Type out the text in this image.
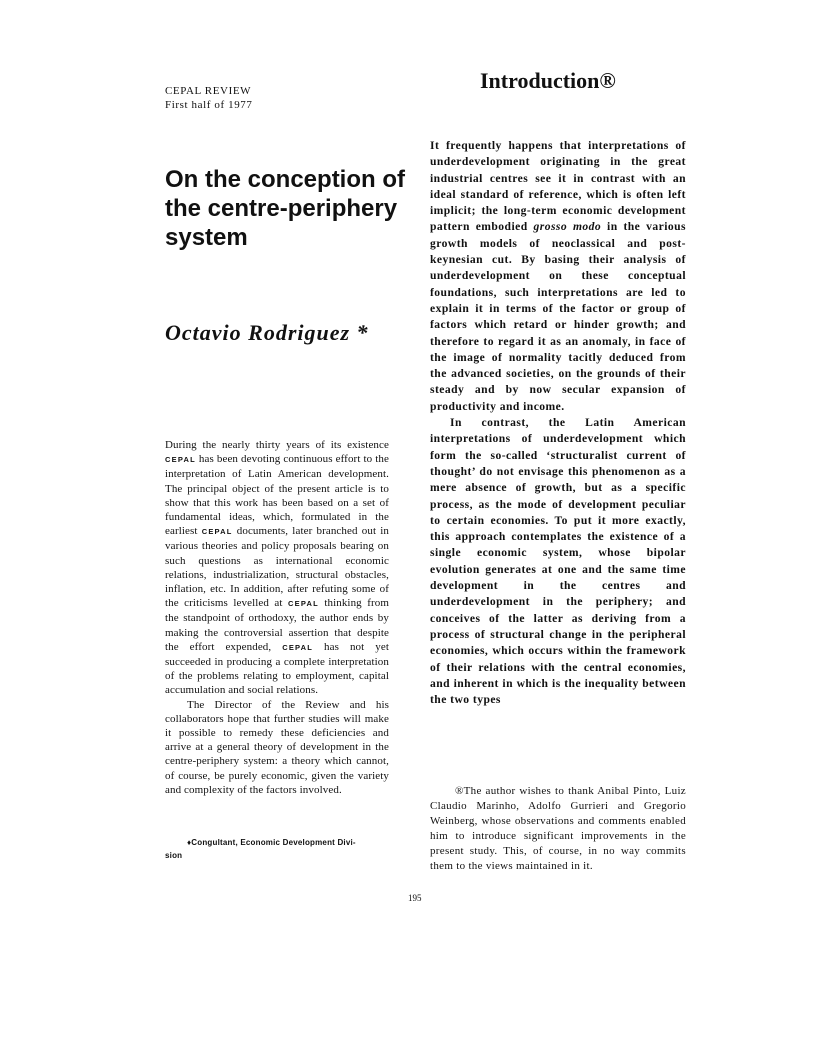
CEPAL REVIEW
First half of 1977
On the conception of the centre-periphery system
Octavio Rodriguez *

During the nearly thirty years of its existence CEPAL has been devoting continuous effort to the interpretation of Latin American development. The principal object of the present article is to show that this work has been based on a set of fundamental ideas, which, formulated in the earliest CEPAL documents, later branched out in various theories and policy proposals bearing on such questions as international economic relations, industrialization, structural obstacles, inflation, etc. In addition, after refuting some of the criticisms levelled at CEPAL thinking from the standpoint of orthodoxy, the author ends by making the controversial assertion that despite the effort expended, CEPAL has not yet succeeded in producing a complete interpretation of the problems relating to employment, capital accumulation and social relations.

The Director of the Review and his collaborators hope that further studies will make it possible to remedy these deficiencies and arrive at a general theory of development in the centre-periphery system: a theory which cannot, of course, be purely economic, given the variety and complexity of the factors involved.

♦Congultant, Economic Development Divi-
sion
Introduction®

It frequently happens that interpretations of underdevelopment originating in the great industrial centres see it in contrast with an ideal standard of reference, which is often left implicit; the long-term economic development pattern embodied grosso modo in the various growth models of neoclassical and post-keynesian cut. By basing their analysis of underdevelopment on these conceptual foundations, such interpretations are led to explain it in terms of the factor or group of factors which retard or hinder growth; and therefore to regard it as an anomaly, in face of the image of normality tacitly deduced from the advanced societies, on the grounds of their steady and by now secular expansion of productivity and income.

In contrast, the Latin American interpretations of underdevelopment which form the so-called ‘structuralist current of thought’ do not envisage this phenomenon as a mere absence of growth, but as a specific process, as the mode of development peculiar to certain economies. To put it more exactly, this approach contemplates the existence of a single economic system, whose bipolar evolution generates at one and the same time development in the centres and underdevelopment in the periphery; and conceives of the latter as deriving from a process of structural change in the peripheral economies, which occurs within the framework of their relations with the central economies, and inherent in which is the inequality between the two types

®The author wishes to thank Anibal Pinto, Luiz Claudio Marinho, Adolfo Gurrieri and Gregorio Weinberg, whose observations and comments enabled him to introduce significant improvements in the present study. This, of course, in no way commits them to the views maintained in it.

195
